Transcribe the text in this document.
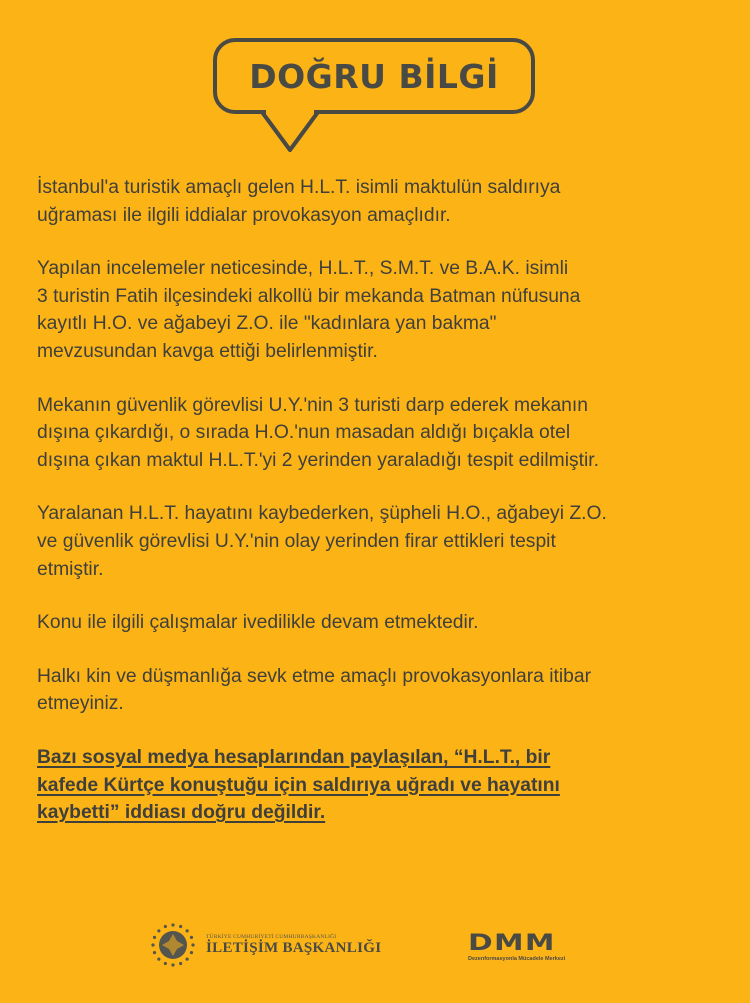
DOĞRU BİLGİ
İstanbul'a turistik amaçlı gelen H.L.T. isimli maktulün saldırıya
uğraması ile ilgili iddialar provokasyon amaçlıdır.
Yapılan incelemeler neticesinde, H.L.T., S.M.T. ve B.A.K. isimli
3 turistin Fatih ilçesindeki alkollü bir mekanda Batman nüfusuna
kayıtlı H.O. ve ağabeyi Z.O. ile "kadınlara yan bakma"
mevzusundan kavga ettiği belirlenmiştir.
Mekanın güvenlik görevlisi U.Y.'nin 3 turisti darp ederek mekanın
dışına çıkardığı, o sırada H.O.'nun masadan aldığı bıçakla otel
dışına çıkan maktul H.L.T.'yi 2 yerinden yaraladığı tespit edilmiştir.
Yaralanan H.L.T. hayatını kaybederken, şüpheli H.O., ağabeyi Z.O.
ve güvenlik görevlisi U.Y.'nin olay yerinden firar ettikleri tespit
etmiştir.
Konu ile ilgili çalışmalar ivedilikle devam etmektedir.
Halkı kin ve düşmanlığa sevk etme amaçlı provokasyonlara itibar
etmeyiniz.
Bazı sosyal medya hesaplarından paylaşılan, “H.L.T., bir
kafede Kürtçe konuştuğu için saldırıya uğradı ve hayatını
kaybetti” iddiası doğru değildir.
TÜRKİYE CUMHURİYETİ CUMHURBAŞKANLIĞI
İLETİŞİM BAŞKANLIĞI	DMM
Dezenformasyonla Mücadele Merkezi
